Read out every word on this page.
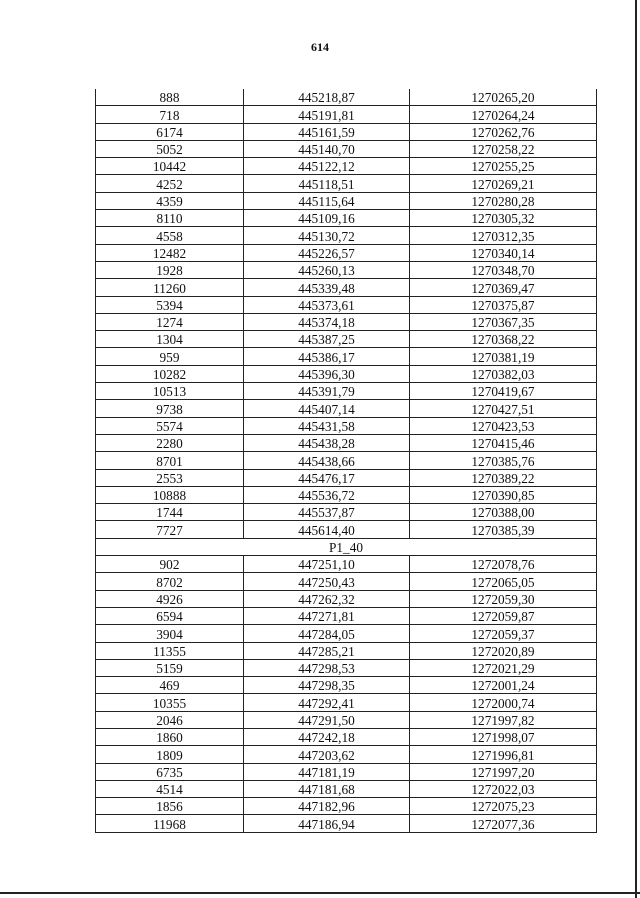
614
888	445218,87	1270265,20
718	445191,81	1270264,24
6174	445161,59	1270262,76
5052	445140,70	1270258,22
10442	445122,12	1270255,25
4252	445118,51	1270269,21
4359	445115,64	1270280,28
8110	445109,16	1270305,32
4558	445130,72	1270312,35
12482	445226,57	1270340,14
1928	445260,13	1270348,70
11260	445339,48	1270369,47
5394	445373,61	1270375,87
1274	445374,18	1270367,35
1304	445387,25	1270368,22
959	445386,17	1270381,19
10282	445396,30	1270382,03
10513	445391,79	1270419,67
9738	445407,14	1270427,51
5574	445431,58	1270423,53
2280	445438,28	1270415,46
8701	445438,66	1270385,76
2553	445476,17	1270389,22
10888	445536,72	1270390,85
1744	445537,87	1270388,00
7727	445614,40	1270385,39
P1_40		
902	447251,10	1272078,76
8702	447250,43	1272065,05
4926	447262,32	1272059,30
6594	447271,81	1272059,87
3904	447284,05	1272059,37
11355	447285,21	1272020,89
5159	447298,53	1272021,29
469	447298,35	1272001,24
10355	447292,41	1272000,74
2046	447291,50	1271997,82
1860	447242,18	1271998,07
1809	447203,62	1271996,81
6735	447181,19	1271997,20
4514	447181,68	1272022,03
1856	447182,96	1272075,23
11968	447186,94	1272077,36
